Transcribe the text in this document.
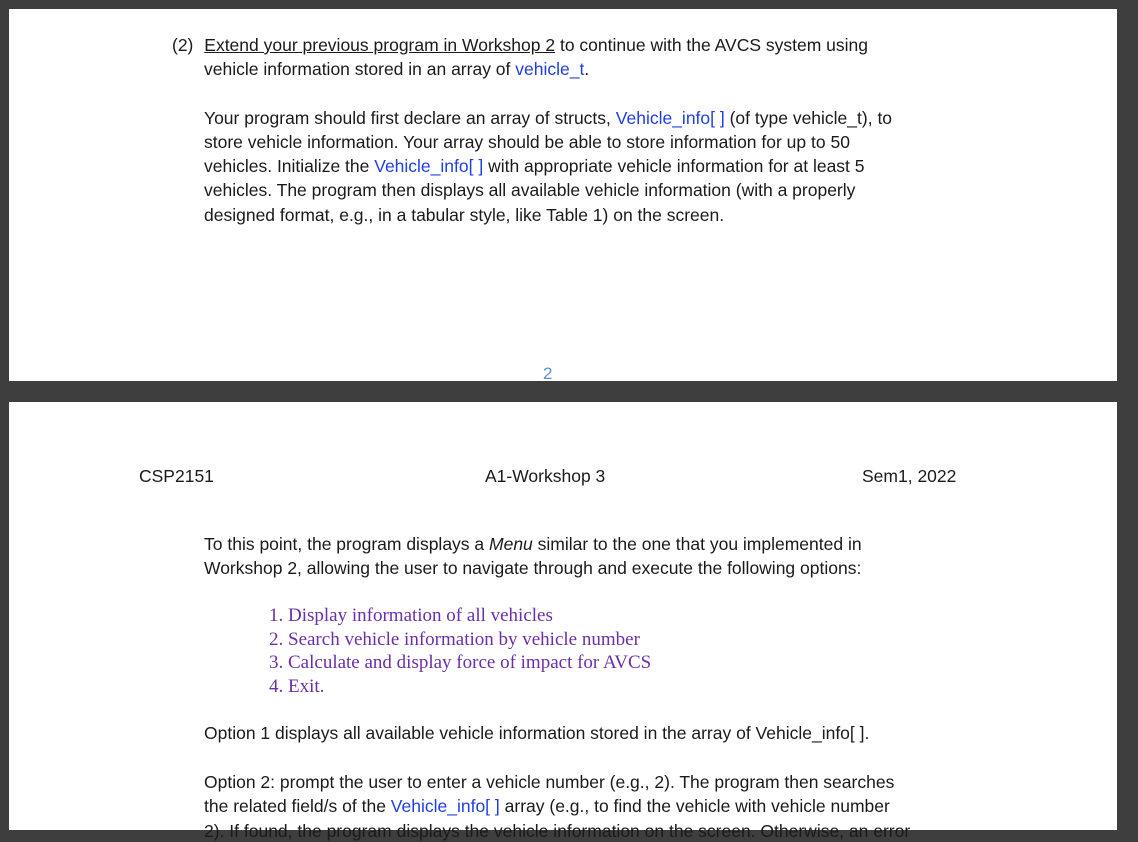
(2) Extend your previous program in Workshop 2 to continue with the AVCS system using
vehicle information stored in an array of vehicle_t.
Your program should first declare an array of structs, Vehicle_info[ ] (of type vehicle_t), to
store vehicle information. Your array should be able to store information for up to 50
vehicles. Initialize the Vehicle_info[ ] with appropriate vehicle information for at least 5
vehicles. The program then displays all available vehicle information (with a properly
designed format, e.g., in a tabular style, like Table 1) on the screen.
2
CSP2151	A1-Workshop 3	Sem1, 2022
To this point, the program displays a Menu similar to the one that you implemented in
Workshop 2, allowing the user to navigate through and execute the following options:
1. Display information of all vehicles
2. Search vehicle information by vehicle number
3. Calculate and display force of impact for AVCS
4. Exit.
Option 1 displays all available vehicle information stored in the array of Vehicle_info[ ].
Option 2: prompt the user to enter a vehicle number (e.g., 2). The program then searches
the related field/s of the Vehicle_info[ ] array (e.g., to find the vehicle with vehicle number
2). If found, the program displays the vehicle information on the screen. Otherwise, an error
